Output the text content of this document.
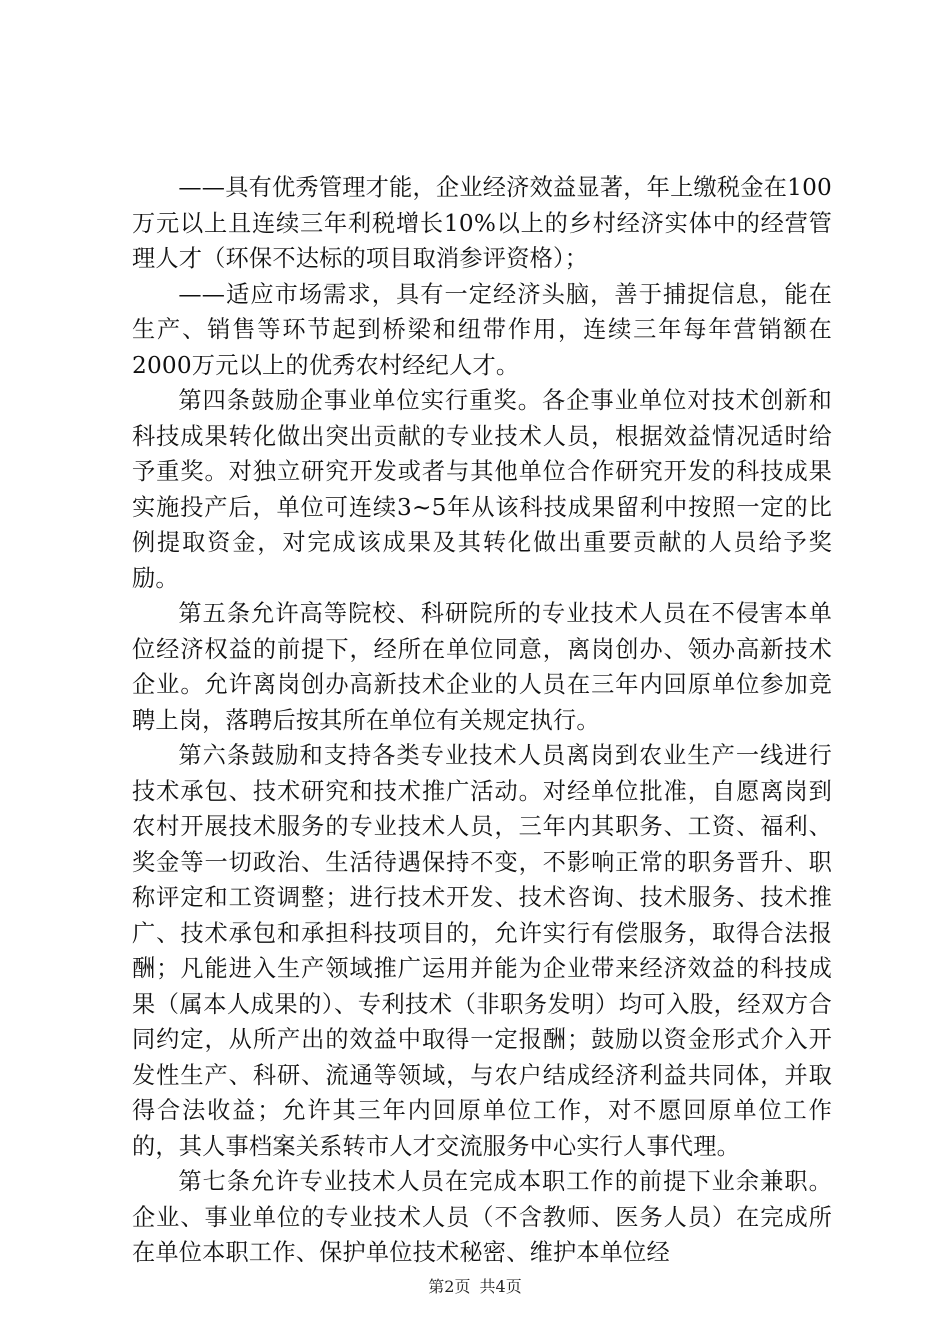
——具有优秀管理才能，企业经济效益显著，年上缴税金在100万元以上且连续三年利税增长10%以上的乡村经济实体中的经营管理人才（环保不达标的项目取消参评资格）；

——适应市场需求，具有一定经济头脑，善于捕捉信息，能在生产、销售等环节起到桥梁和纽带作用，连续三年每年营销额在2000万元以上的优秀农村经纪人才。

第四条鼓励企事业单位实行重奖。各企事业单位对技术创新和科技成果转化做出突出贡献的专业技术人员，根据效益情况适时给予重奖。对独立研究开发或者与其他单位合作研究开发的科技成果实施投产后，单位可连续3~5年从该科技成果留利中按照一定的比例提取资金，对完成该成果及其转化做出重要贡献的人员给予奖励。

第五条允许高等院校、科研院所的专业技术人员在不侵害本单位经济权益的前提下，经所在单位同意，离岗创办、领办高新技术企业。允许离岗创办高新技术企业的人员在三年内回原单位参加竞聘上岗，落聘后按其所在单位有关规定执行。

第六条鼓励和支持各类专业技术人员离岗到农业生产一线进行技术承包、技术研究和技术推广活动。对经单位批准，自愿离岗到农村开展技术服务的专业技术人员，三年内其职务、工资、福利、奖金等一切政治、生活待遇保持不变，不影响正常的职务晋升、职称评定和工资调整；进行技术开发、技术咨询、技术服务、技术推广、技术承包和承担科技项目的，允许实行有偿服务，取得合法报酬；凡能进入生产领域推广运用并能为企业带来经济效益的科技成果（属本人成果的）、专利技术（非职务发明）均可入股，经双方合同约定，从所产出的效益中取得一定报酬；鼓励以资金形式介入开发性生产、科研、流通等领域，与农户结成经济利益共同体，并取得合法收益；允许其三年内回原单位工作，对不愿回原单位工作的，其人事档案关系转市人才交流服务中心实行人事代理。

第七条允许专业技术人员在完成本职工作的前提下业余兼职。企业、事业单位的专业技术人员（不含教师、医务人员）在完成所在单位本职工作、保护单位技术秘密、维护本单位经

第2页 共4页
